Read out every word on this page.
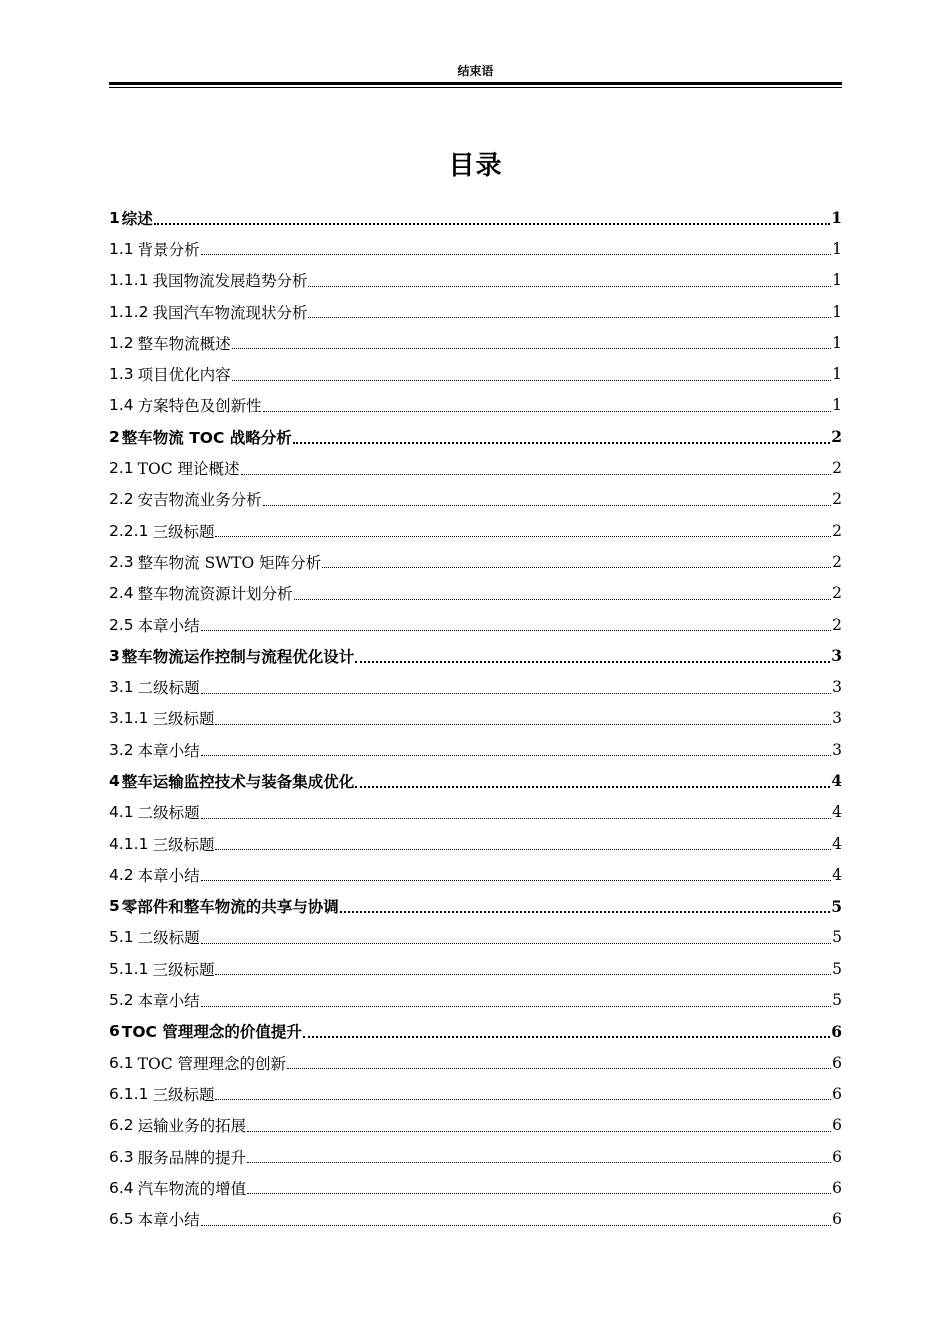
结束语
目录
1 综述	1
1.1 背景分析	1
1.1.1 我国物流发展趋势分析	1
1.1.2 我国汽车物流现状分析	1
1.2 整车物流概述	1
1.3 项目优化内容	1
1.4 方案特色及创新性	1
2 整车物流 TOC 战略分析	2
2.1 TOC 理论概述	2
2.2 安吉物流业务分析	2
2.2.1 三级标题	2
2.3 整车物流 SWTO 矩阵分析	2
2.4 整车物流资源计划分析	2
2.5 本章小结	2
3 整车物流运作控制与流程优化设计	3
3.1 二级标题	3
3.1.1 三级标题	3
3.2 本章小结	3
4 整车运输监控技术与装备集成优化	4
4.1 二级标题	4
4.1.1 三级标题	4
4.2 本章小结	4
5 零部件和整车物流的共享与协调	5
5.1 二级标题	5
5.1.1 三级标题	5
5.2 本章小结	5
6 TOC 管理理念的价值提升	6
6.1 TOC 管理理念的创新	6
6.1.1 三级标题	6
6.2 运输业务的拓展	6
6.3 服务品牌的提升	6
6.4 汽车物流的增值	6
6.5 本章小结	6
